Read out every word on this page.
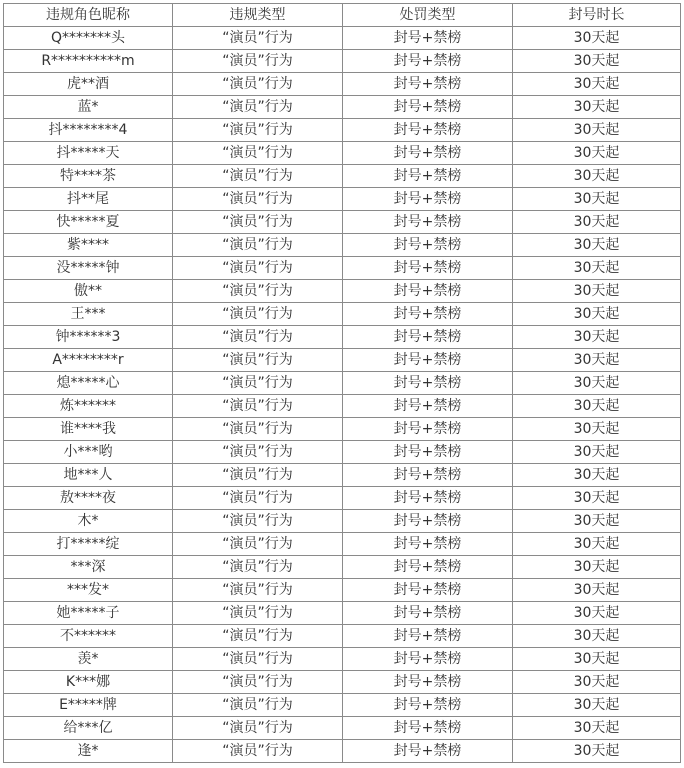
违规角色昵称	违规类型	处罚类型	封号时长
Q*******头	“演员”行为	封号+禁榜	30天起
R**********m	“演员”行为	封号+禁榜	30天起
虎**酒	“演员”行为	封号+禁榜	30天起
蓝*	“演员”行为	封号+禁榜	30天起
抖********4	“演员”行为	封号+禁榜	30天起
抖*****天	“演员”行为	封号+禁榜	30天起
特****茶	“演员”行为	封号+禁榜	30天起
抖**尾	“演员”行为	封号+禁榜	30天起
快*****夏	“演员”行为	封号+禁榜	30天起
紫****	“演员”行为	封号+禁榜	30天起
没*****钟	“演员”行为	封号+禁榜	30天起
傲**	“演员”行为	封号+禁榜	30天起
王***	“演员”行为	封号+禁榜	30天起
钟******3	“演员”行为	封号+禁榜	30天起
A********r	“演员”行为	封号+禁榜	30天起
熄*****心	“演员”行为	封号+禁榜	30天起
炼******	“演员”行为	封号+禁榜	30天起
谁****我	“演员”行为	封号+禁榜	30天起
小***哟	“演员”行为	封号+禁榜	30天起
地***人	“演员”行为	封号+禁榜	30天起
敖****夜	“演员”行为	封号+禁榜	30天起
木*	“演员”行为	封号+禁榜	30天起
打*****绽	“演员”行为	封号+禁榜	30天起
***深	“演员”行为	封号+禁榜	30天起
***发*	“演员”行为	封号+禁榜	30天起
她*****子	“演员”行为	封号+禁榜	30天起
不******	“演员”行为	封号+禁榜	30天起
羡*	“演员”行为	封号+禁榜	30天起
K***娜	“演员”行为	封号+禁榜	30天起
E*****牌	“演员”行为	封号+禁榜	30天起
给***亿	“演员”行为	封号+禁榜	30天起
逢*	“演员”行为	封号+禁榜	30天起
